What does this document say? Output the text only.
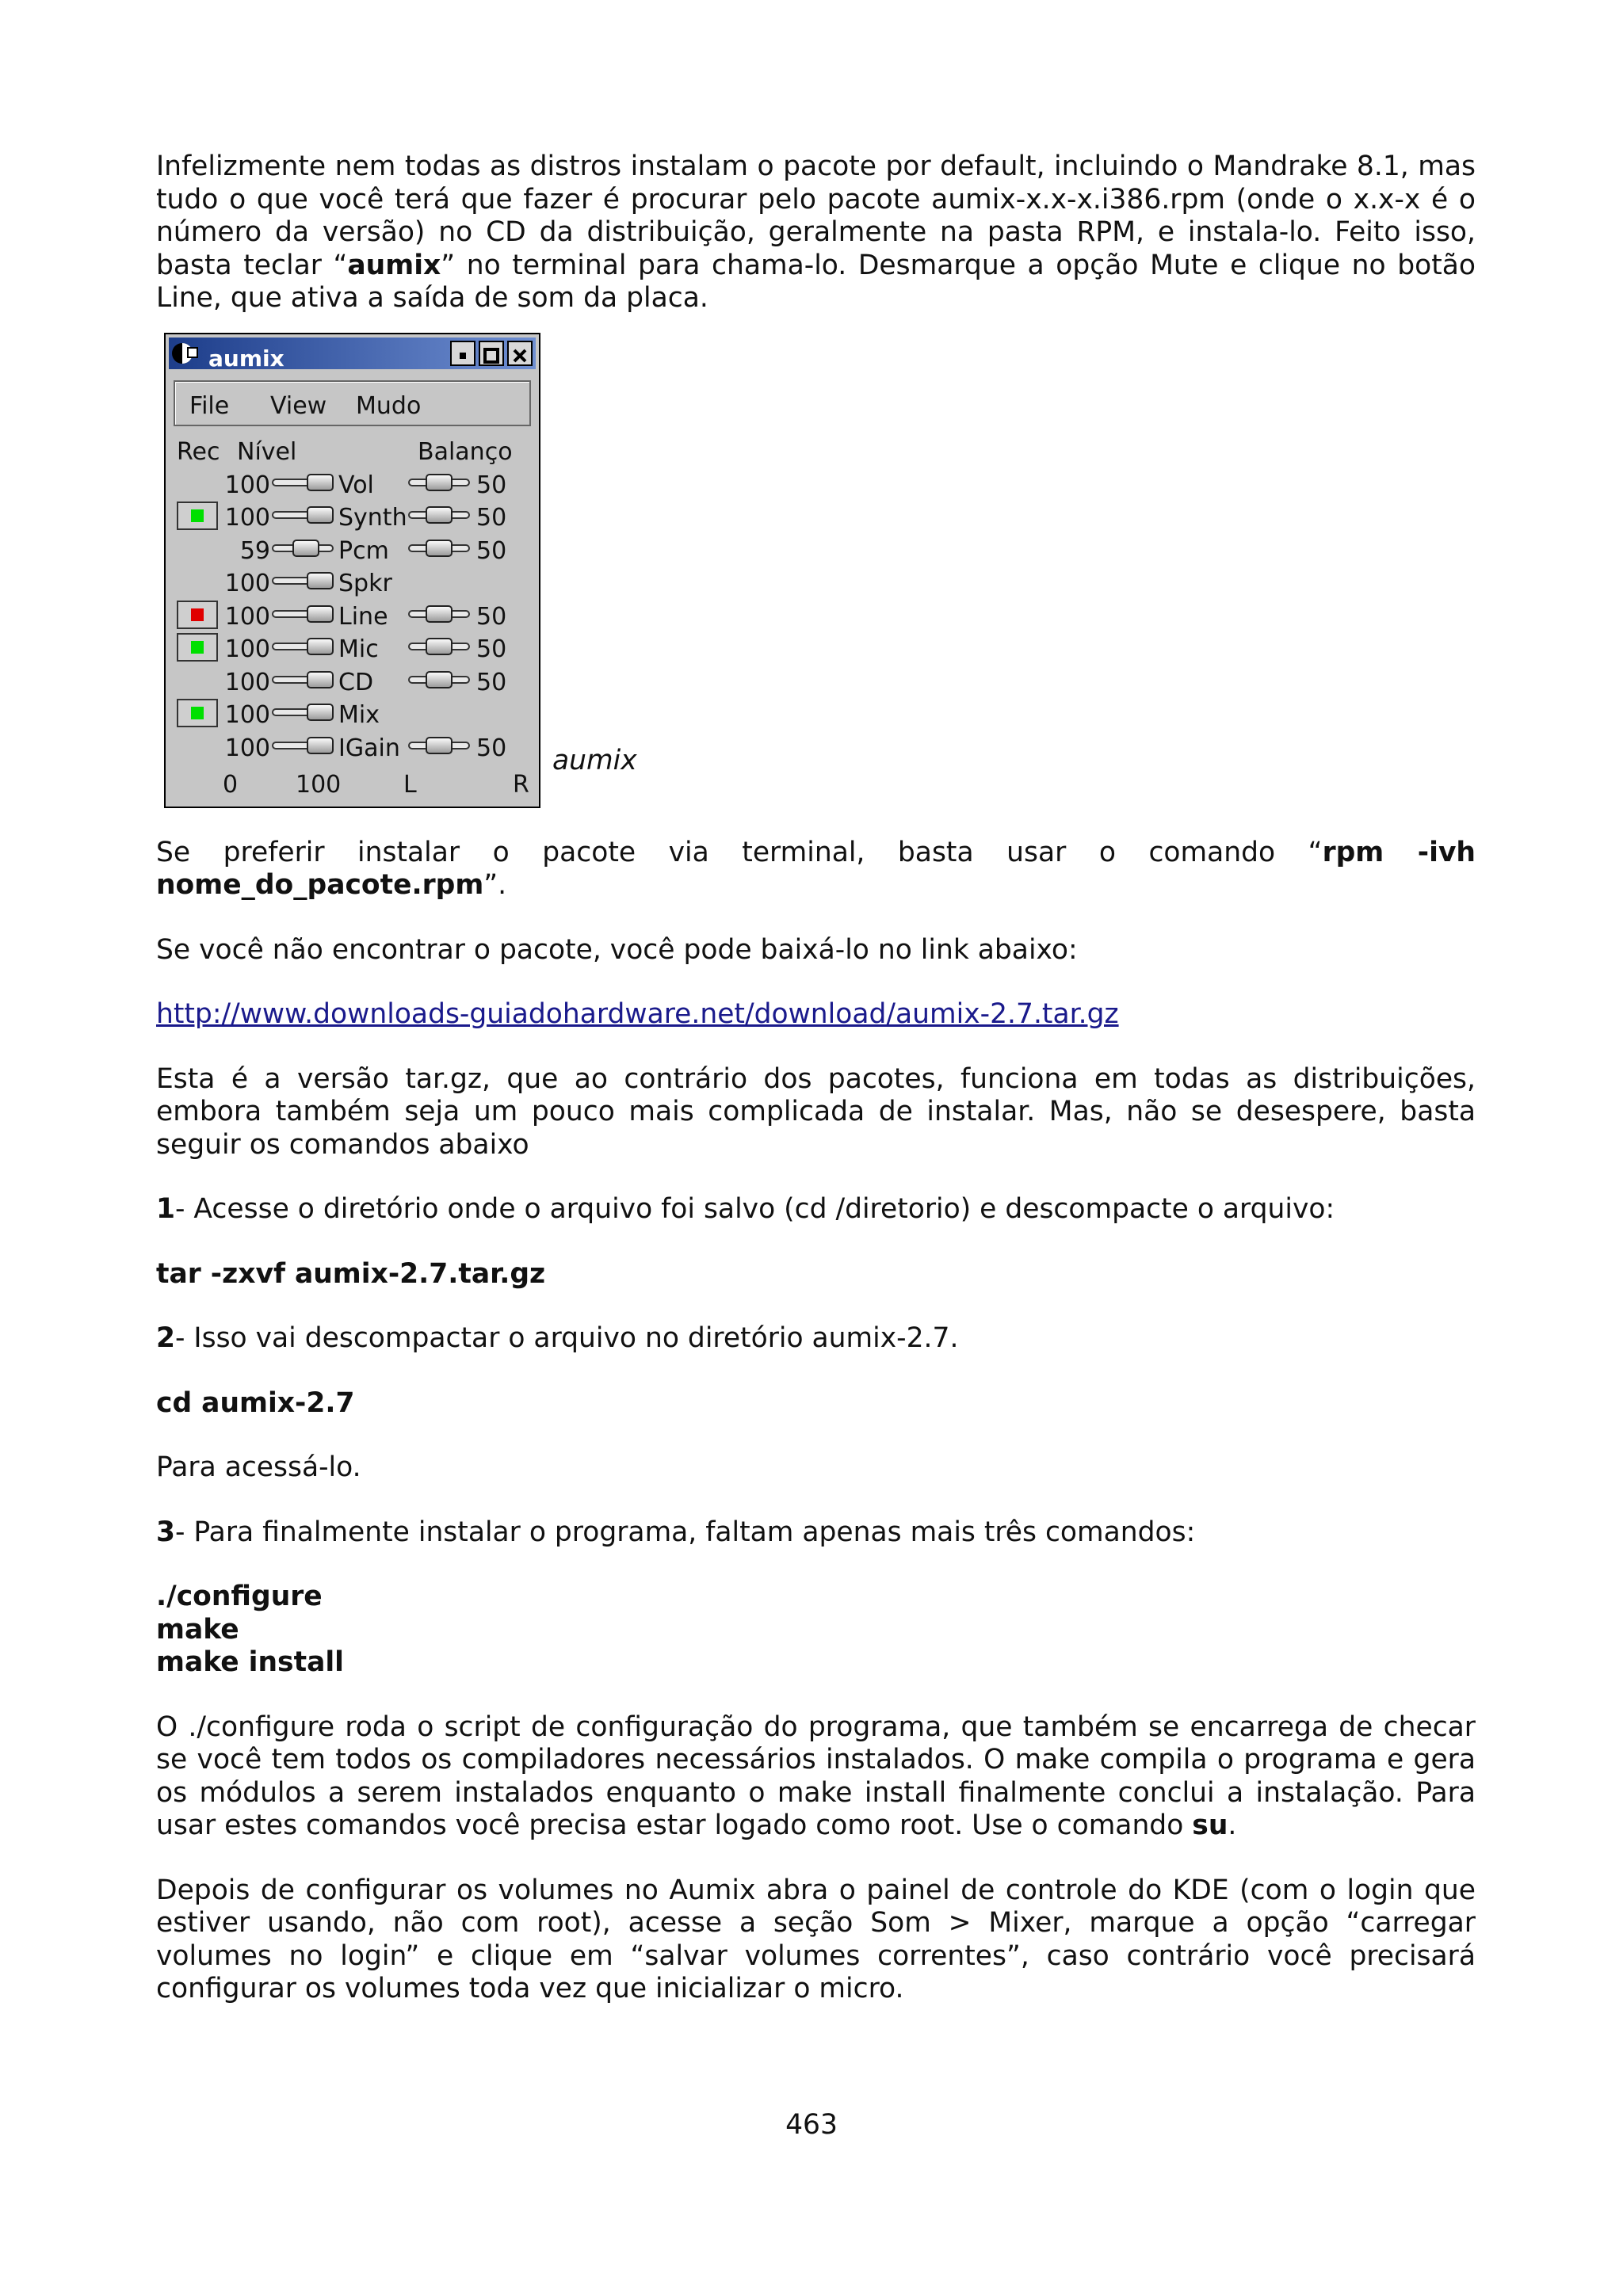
Infelizmente nem todas as distros instalam o pacote por default, incluindo o Mandrake 8.1, mas tudo o que você terá que fazer é procurar pelo pacote aumix-x.x-x.i386.rpm (onde o x.x-x é o número da versão) no CD da distribuição, geralmente na pasta RPM, e instala-lo. Feito isso, basta teclar “aumix” no terminal para chama-lo. Desmarque a opção Mute e clique no botão Line, que ativa a saída de som da placa.

aumix
File View Mudo
Rec Nível	Balanço
100	Vol	50
100	Synth	50
59	Pcm	50
100	Spkr
100	Line	50
100	Mic	50
100	CD	50
100	Mix
100	IGain	50
0 100	L	R
aumix

Se preferir instalar o pacote via terminal, basta usar o comando “rpm -ivh nome_do_pacote.rpm”.

Se você não encontrar o pacote, você pode baixá-lo no link abaixo:

http://www.downloads-guiadohardware.net/download/aumix-2.7.tar.gz

Esta é a versão tar.gz, que ao contrário dos pacotes, funciona em todas as distribuições, embora também seja um pouco mais complicada de instalar. Mas, não se desespere, basta seguir os comandos abaixo

1- Acesse o diretório onde o arquivo foi salvo (cd /diretorio) e descompacte o arquivo:

tar -zxvf aumix-2.7.tar.gz

2- Isso vai descompactar o arquivo no diretório aumix-2.7.

cd aumix-2.7

Para acessá-lo.

3- Para finalmente instalar o programa, faltam apenas mais três comandos:

./configure

make

make install

O ./configure roda o script de configuração do programa, que também se encarrega de checar se você tem todos os compiladores necessários instalados. O make compila o programa e gera os módulos a serem instalados enquanto o make install finalmente conclui a instalação. Para usar estes comandos você precisa estar logado como root. Use o comando su.

Depois de configurar os volumes no Aumix abra o painel de controle do KDE (com o login que estiver usando, não com root), acesse a seção Som > Mixer, marque a opção “carregar volumes no login” e clique em “salvar volumes correntes”, caso contrário você precisará configurar os volumes toda vez que inicializar o micro.

463
